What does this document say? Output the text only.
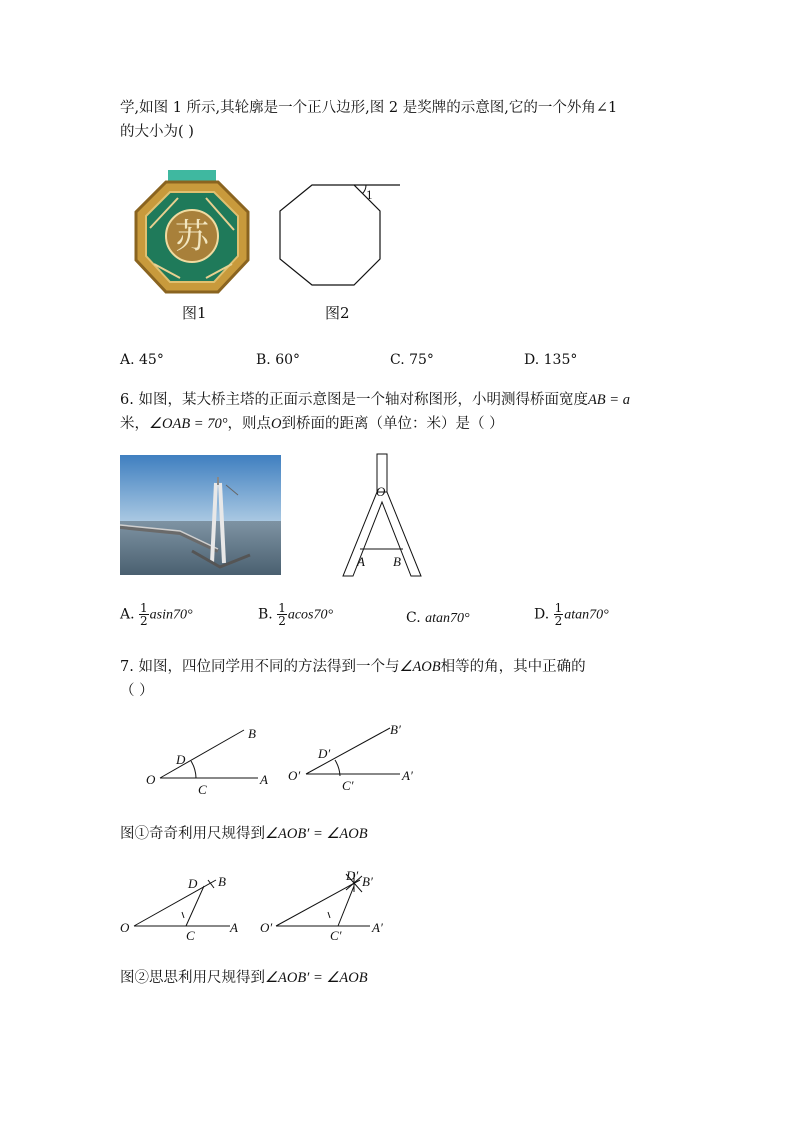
学,如图 1 所示,其轮廓是一个正八边形,图 2 是奖牌的示意图,它的一个外角∠1
的大小为( )
苏
1
图1	图2
A. 45°	B. 60°	C. 75°	D. 135°
6. 如图，某大桥主塔的正面示意图是一个轴对称图形，小明测得桥面宽度AB = a
米，∠OAB = 70°，则点O到桥面的距离（单位：米）是（ ）
O
A B
A. $\frac{1}{2} asin70^\circ$	B. $\frac{1}{2} acos70^\circ$	C. atan70°	D. $\frac{1}{2} atan70^\circ$
7. 如图，四位同学用不同的方法得到一个与∠AOB相等的角，其中正确的
（ ）
O	A
B
C
D
O′	A′
B′
C′
D′
图①奇奇利用尺规得到∠AOB′ = ∠AOB
O	A
B
C
D
O′	A′
B′
C′
D′
图②思思利用尺规得到∠AOB′ = ∠AOB
